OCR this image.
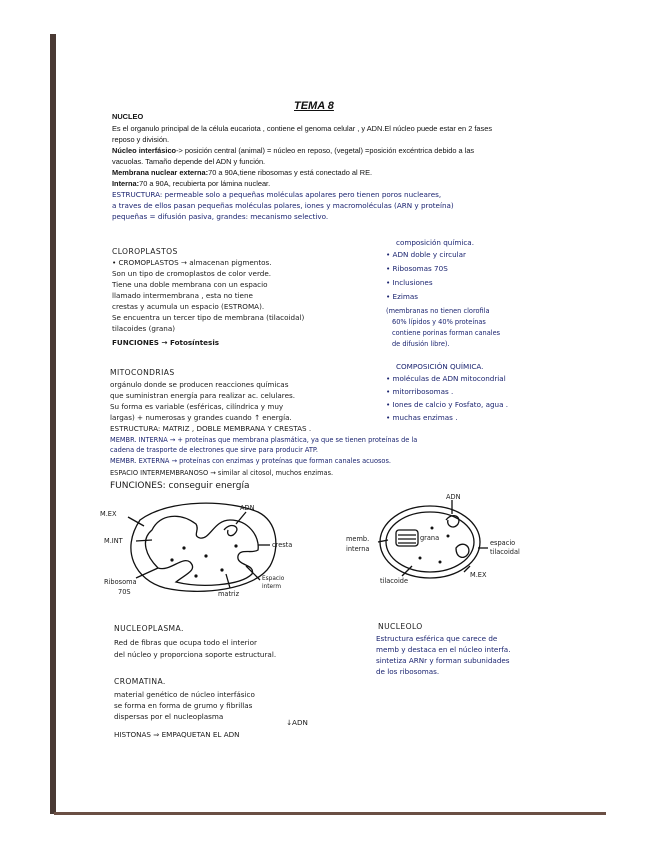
TEMA 8
NUCLEO
Es el organulo principal de la célula eucariota , contiene el genoma celular , y ADN.El núcleo puede estar en 2 fases
reposo y división.
Núcleo interfásico-> posición central (animal) = núcleo en reposo, (vegetal) =posición excéntrica debido a las
vacuolas. Tamaño depende del ADN y función.
Membrana nuclear externa:70 a 90A,tiene ribosomas y está conectado al RE.
Interna:70 a 90A, recubierta por lámina nuclear.
ESTRUCTURA: permeable solo a pequeñas moléculas apolares pero tienen poros nucleares,
a traves de ellos pasan pequeñas moléculas polares, iones y macromoléculas (ARN y proteína)
pequeñas = difusión pasiva, grandes: mecanismo selectivo.
CLOROPLASTOS
• CROMOPLASTOS → almacenan pigmentos.
Son un tipo de cromoplastos de color verde.
Tiene una doble membrana con un espacio
llamado intermembrana , esta no tiene
crestas y acumula un espacio (ESTROMA).
Se encuentra un tercer tipo de membrana (tilacoidal)
tilacoides (grana)
FUNCIONES → Fotosíntesis
composición química.
• ADN doble y circular
• Ribosomas 70S
• Inclusiones
• Ezimas
(membranas no tienen clorofila
60% lípidos y 40% proteínas
contiene porinas forman canales
de difusión libre).
MITOCONDRIAS
orgánulo donde se producen reacciones químicas
que suministran energía para realizar ac. celulares.
Su forma es variable (esféricas, cilíndrica y muy
largas) + numerosas y grandes cuando ↑ energía.
ESTRUCTURA: MATRIZ , DOBLE MEMBRANA Y CRESTAS .
MEMBR. INTERNA → + proteínas que membrana plasmática, ya que se tienen proteínas de la
cadena de trasporte de electrones que sirve para producir ATP.
MEMBR. EXTERNA → proteínas con enzimas y proteínas que forman canales acuosos.
ESPACIO INTERMEMBRANOSO → similar al citosol, muchos enzimas.
FUNCIONES: conseguir energía
COMPOSICIÓN QUÍMICA.
• moléculas de ADN mitocondrial
• mitorribosomas .
• Iones de calcio y Fosfato, agua .
• muchas enzimas .
M.EX
M.INT
ADN
cresta
Ribosoma
70S	matriz
Espacio
interm
ADN
memb.
interna
grana
espacio
tilacoidal
tilacoide
M.EX
NUCLEOPLASMA.
Red de fibras que ocupa todo el interior
del núcleo y proporciona soporte estructural.
CROMATINA.
material genético de núcleo interfásico
se forma en forma de grumo y fibrillas
dispersas por el nucleoplasma
↓ADN
HISTONAS ⇒ EMPAQUETAN EL ADN
NUCLEOLO
Estructura esférica que carece de
memb y destaca en el núcleo interfa.
sintetiza ARNr y forman subunidades
de los ribosomas.
